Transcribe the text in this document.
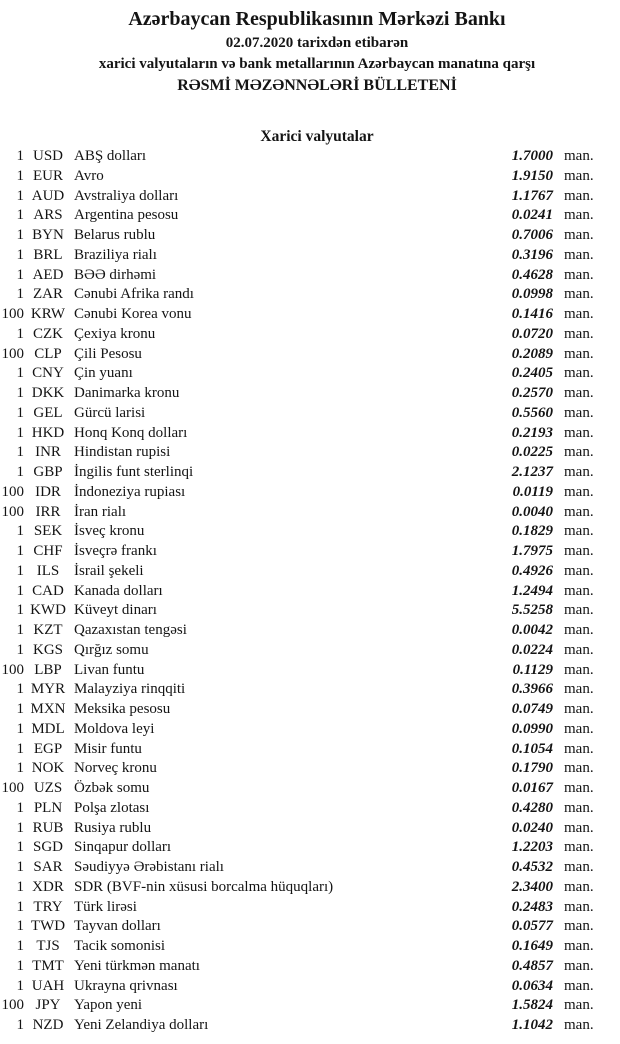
Azərbaycan Respublikasının Mərkəzi Bankı
02.07.2020 tarixdən etibarən
xarici valyutaların və bank metallarının Azərbaycan manatına qarşı
RƏSMİ MƏZƏNNƏLƏRİ BÜLLETENİ
Xarici valyutalar
1 USD ABŞ dolları	1.7000 man.
1 EUR Avro	1.9150 man.
1 AUD Avstraliya dolları	1.1767 man.
1 ARS Argentina pesosu	0.0241 man.
1 BYN Belarus rublu	0.7006 man.
1 BRL Braziliya rialı	0.3196 man.
1 AED BƏƏ dirhəmi	0.4628 man.
1 ZAR Cənubi Afrika randı	0.0998 man.
100 KRW Cənubi Korea vonu	0.1416 man.
1 CZK Çexiya kronu	0.0720 man.
100 CLP Çili Pesosu	0.2089 man.
1 CNY Çin yuanı	0.2405 man.
1 DKK Danimarka kronu	0.2570 man.
1 GEL Gürcü larisi	0.5560 man.
1 HKD Honq Konq dolları	0.2193 man.
1 INR Hindistan rupisi	0.0225 man.
1 GBP İngilis funt sterlinqi	2.1237 man.
100 IDR İndoneziya rupiası	0.0119 man.
100 IRR İran rialı	0.0040 man.
1 SEK İsveç kronu	0.1829 man.
1 CHF İsveçrə frankı	1.7975 man.
1 ILS İsrail şekeli	0.4926 man.
1 CAD Kanada dolları	1.2494 man.
1 KWD Küveyt dinarı	5.5258 man.
1 KZT Qazaxıstan tengəsi	0.0042 man.
1 KGS Qırğız somu	0.0224 man.
100 LBP Livan funtu	0.1129 man.
1 MYR Malayziya rinqqiti	0.3966 man.
1 MXN Meksika pesosu	0.0749 man.
1 MDL Moldova leyi	0.0990 man.
1 EGP Misir funtu	0.1054 man.
1 NOK Norveç kronu	0.1790 man.
100 UZS Özbək somu	0.0167 man.
1 PLN Polşa zlotası	0.4280 man.
1 RUB Rusiya rublu	0.0240 man.
1 SGD Sinqapur dolları	1.2203 man.
1 SAR Səudiyyə Ərəbistanı rialı	0.4532 man.
1 XDR SDR (BVF-nin xüsusi borcalma hüquqları)	2.3400 man.
1 TRY Türk lirəsi	0.2483 man.
1 TWD Tayvan dolları	0.0577 man.
1 TJS Tacik somonisi	0.1649 man.
1 TMT Yeni türkmən manatı	0.4857 man.
1 UAH Ukrayna qrivnası	0.0634 man.
100 JPY Yapon yeni	1.5824 man.
1 NZD Yeni Zelandiya dolları	1.1042 man.
